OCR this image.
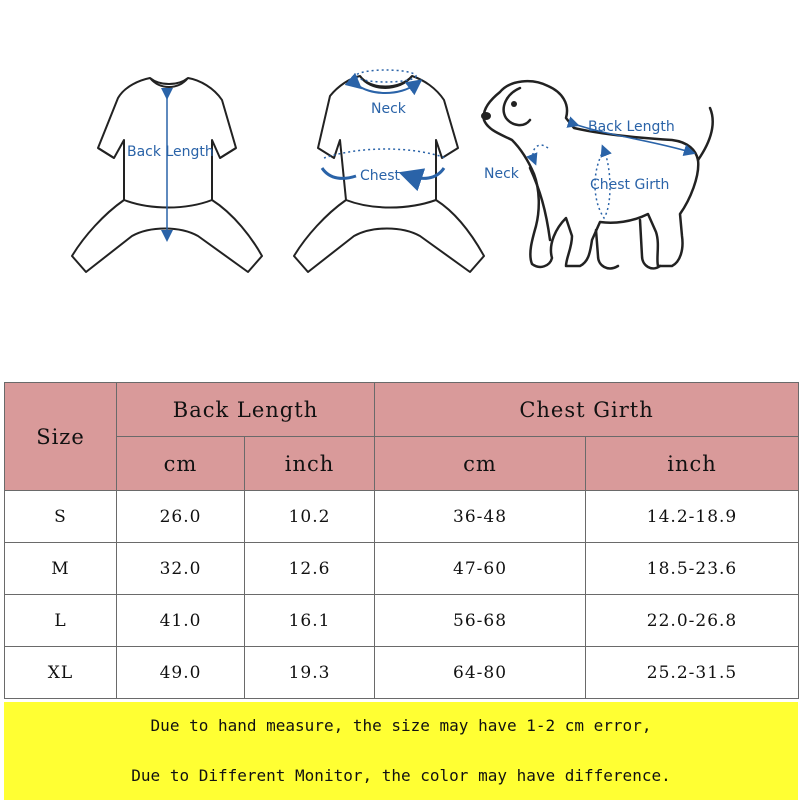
Back Length
Neck
Chest	Neck
Back Length
Chest Girth
Size	Back Length		Chest Girth	
	cm	inch	cm	inch
S	26.0	10.2	36-48	14.2-18.9
M	32.0	12.6	47-60	18.5-23.6
L	41.0	16.1	56-68	22.0-26.8
XL	49.0	19.3	64-80	25.2-31.5
Due to hand measure, the size may have 1-2 cm error,
Due to Different Monitor, the color may have difference.
